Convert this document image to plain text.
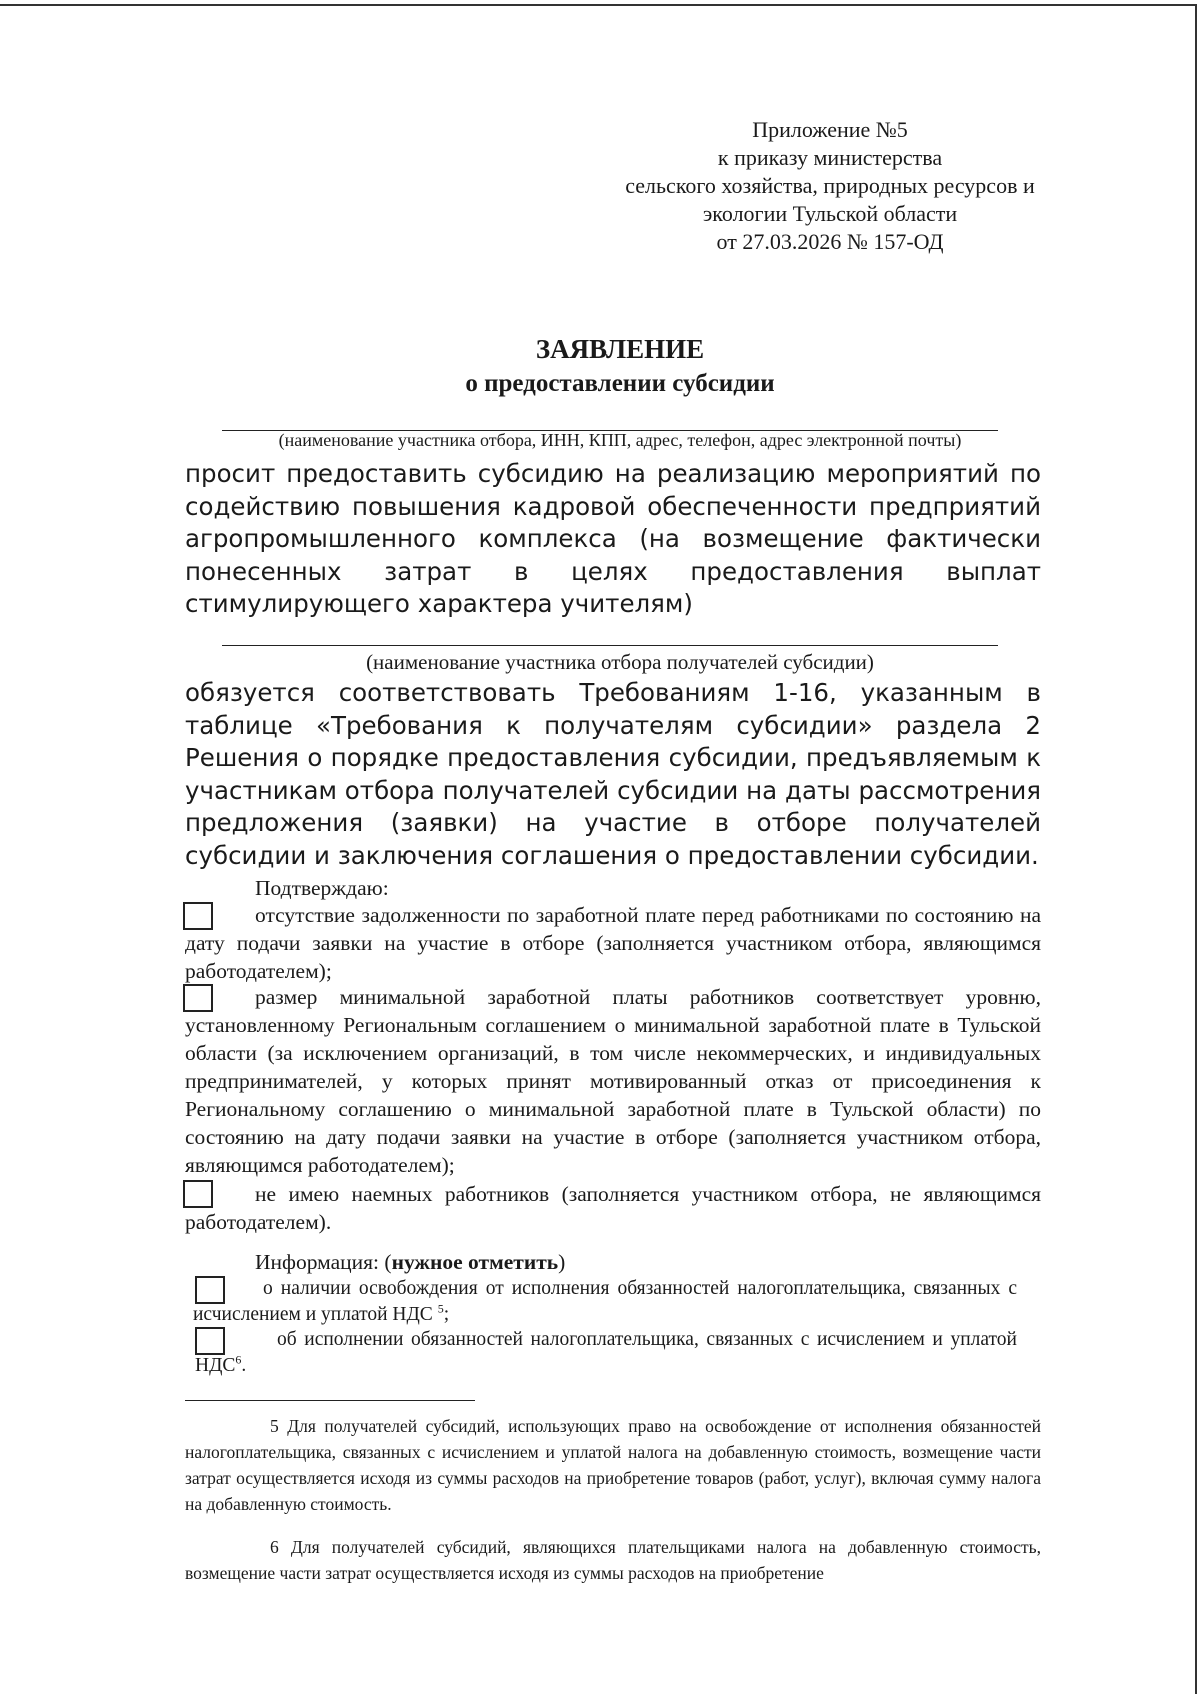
Приложение №5
к приказу министерства
сельского хозяйства, природных ресурсов и
экологии Тульской области
от 27.03.2026 № 157-ОД
ЗАЯВЛЕНИЕ
о предоставлении субсидии
(наименование участника отбора, ИНН, КПП, адрес, телефон, адрес электронной почты)

просит предоставить субсидию на реализацию мероприятий по содействию повышения кадровой обеспеченности предприятий агропромышленного комплекса (на возмещение фактически понесенных затрат в целях предоставления выплат стимулирующего характера учителям)

(наименование участника отбора получателей субсидии)

обязуется соответствовать Требованиям 1-16, указанным в таблице «Требования к получателям субсидии» раздела 2 Решения о порядке предоставления субсидии, предъявляемым к участникам отбора получателей субсидии на даты рассмотрения предложения (заявки) на участие в отборе получателей субсидии и заключения соглашения о предоставлении субсидии.

Подтверждаю:

отсутствие задолженности по заработной плате перед работниками по состоянию на дату подачи заявки на участие в отборе (заполняется участником отбора, являющимся работодателем);

размер минимальной заработной платы работников соответствует уровню, установленному Региональным соглашением о минимальной заработной плате в Тульской области (за исключением организаций, в том числе некоммерческих, и индивидуальных предпринимателей, у которых принят мотивированный отказ от присоединения к Региональному соглашению о минимальной заработной плате в Тульской области) по состоянию на дату подачи заявки на участие в отборе (заполняется участником отбора, являющимся работодателем);

не имею наемных работников (заполняется участником отбора, не являющимся работодателем).

Информация: (нужное отметить)

о наличии освобождения от исполнения обязанностей налогоплательщика, связанных с исчислением и уплатой НДС $^5$;

об исполнении обязанностей налогоплательщика, связанных с исчислением и уплатой НДС$^6$.

5 Для получателей субсидий, использующих право на освобождение от исполнения обязанностей налогоплательщика, связанных с исчислением и уплатой налога на добавленную стоимость, возмещение части затрат осуществляется исходя из суммы расходов на приобретение товаров (работ, услуг), включая сумму налога на добавленную стоимость.

6 Для получателей субсидий, являющихся плательщиками налога на добавленную стоимость, возмещение части затрат осуществляется исходя из суммы расходов на приобретение
